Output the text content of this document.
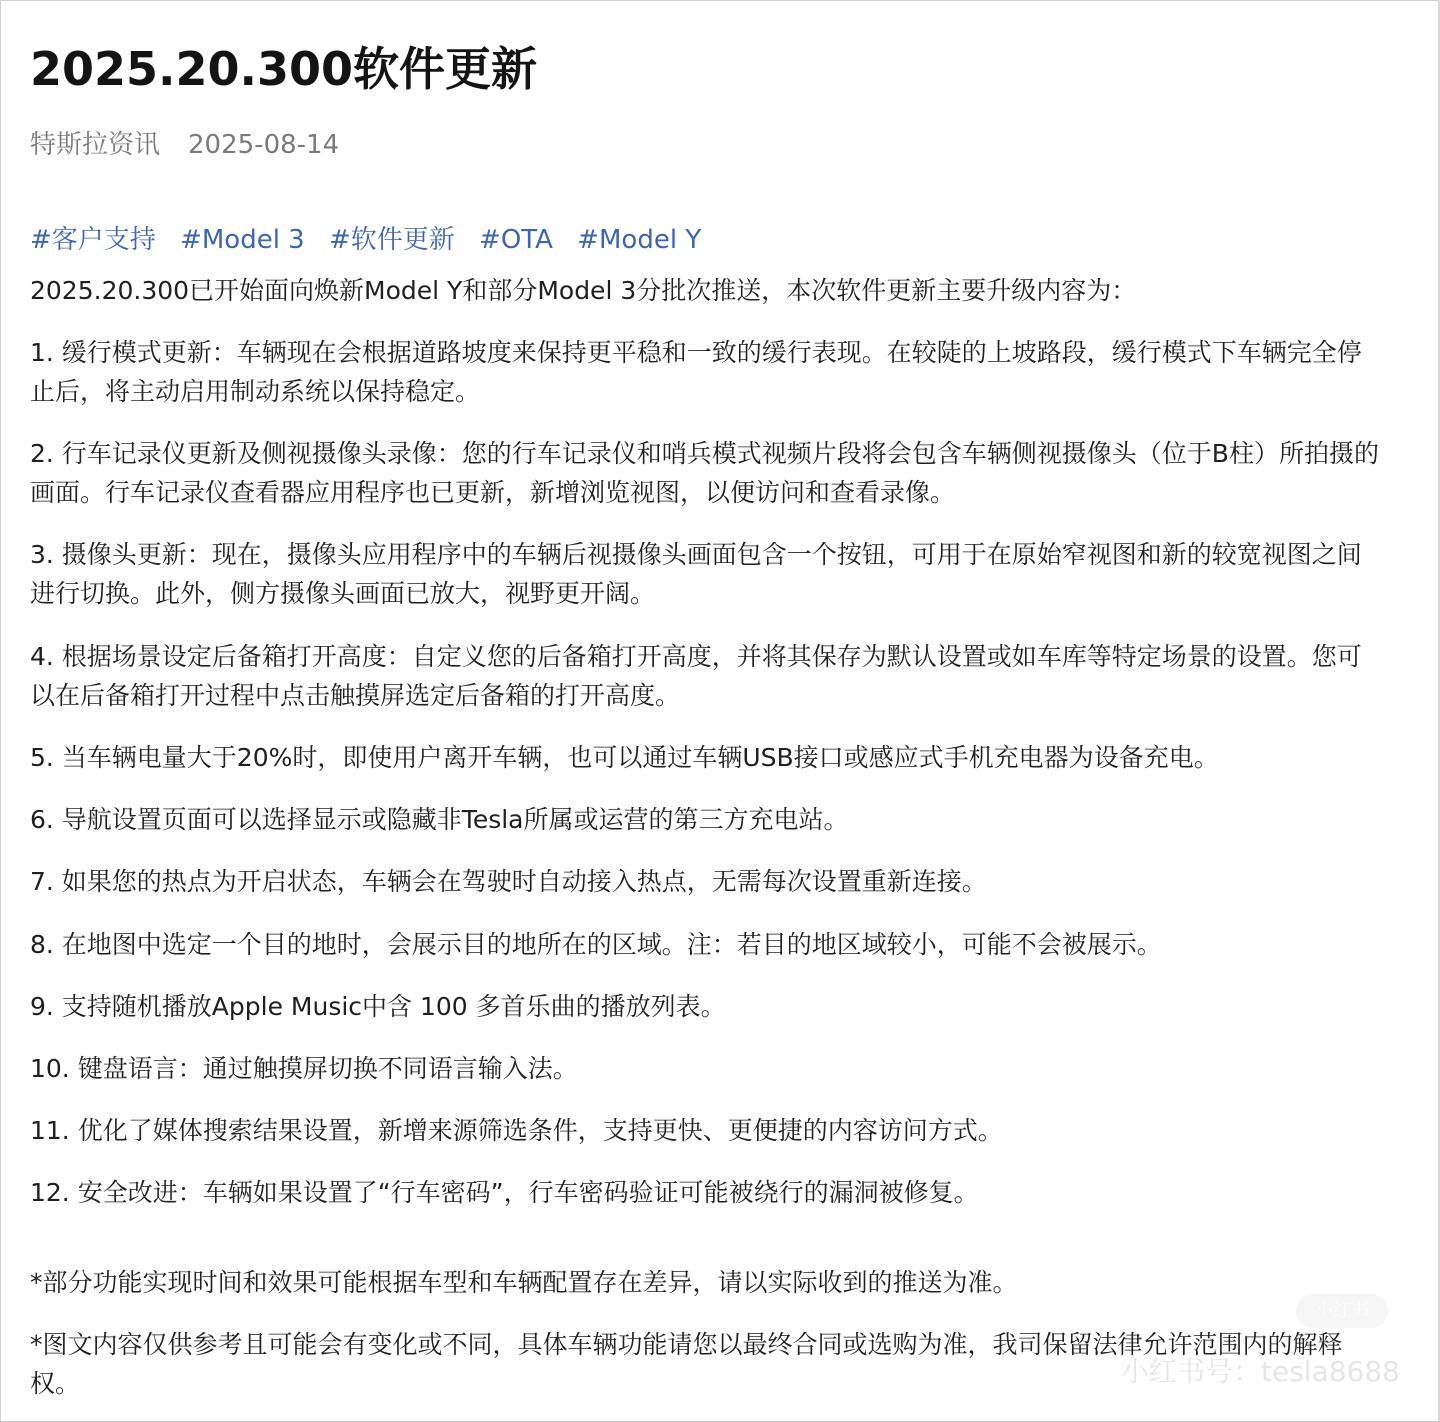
2025.20.300软件更新
特斯拉资讯 2025-08-14
#客户支持 #Model 3 #软件更新 #OTA #Model Y

2025.20.300已开始面向焕新Model Y和部分Model 3分批次推送，本次软件更新主要升级内容为：

1. 缓行模式更新：车辆现在会根据道路坡度来保持更平稳和一致的缓行表现。在较陡的上坡路段，缓行模式下车辆完全停止后，将主动启用制动系统以保持稳定。

2. 行车记录仪更新及侧视摄像头录像：您的行车记录仪和哨兵模式视频片段将会包含车辆侧视摄像头（位于B柱）所拍摄的画面。行车记录仪查看器应用程序也已更新，新增浏览视图，以便访问和查看录像。

3. 摄像头更新：现在，摄像头应用程序中的车辆后视摄像头画面包含一个按钮，可用于在原始窄视图和新的较宽视图之间进行切换。此外，侧方摄像头画面已放大，视野更开阔。

4. 根据场景设定后备箱打开高度：自定义您的后备箱打开高度，并将其保存为默认设置或如车库等特定场景的设置。您可以在后备箱打开过程中点击触摸屏选定后备箱的打开高度。

5. 当车辆电量大于20%时，即使用户离开车辆，也可以通过车辆USB接口或感应式手机充电器为设备充电。

6. 导航设置页面可以选择显示或隐藏非Tesla所属或运营的第三方充电站。

7. 如果您的热点为开启状态，车辆会在驾驶时自动接入热点，无需每次设置重新连接。

8. 在地图中选定一个目的地时，会展示目的地所在的区域。注：若目的地区域较小，可能不会被展示。

9. 支持随机播放Apple Music中含 100 多首乐曲的播放列表。

10. 键盘语言：通过触摸屏切换不同语言输入法。

11. 优化了媒体搜索结果设置，新增来源筛选条件，支持更快、更便捷的内容访问方式。

12. 安全改进：车辆如果设置了“行车密码”，行车密码验证可能被绕行的漏洞被修复。

*部分功能实现时间和效果可能根据车型和车辆配置存在差异，请以实际收到的推送为准。

*图文内容仅供参考且可能会有变化或不同，具体车辆功能请您以最终合同或选购为准，我司保留法律允许范围内的解释权。

小红书
小红书号：tesla8688
